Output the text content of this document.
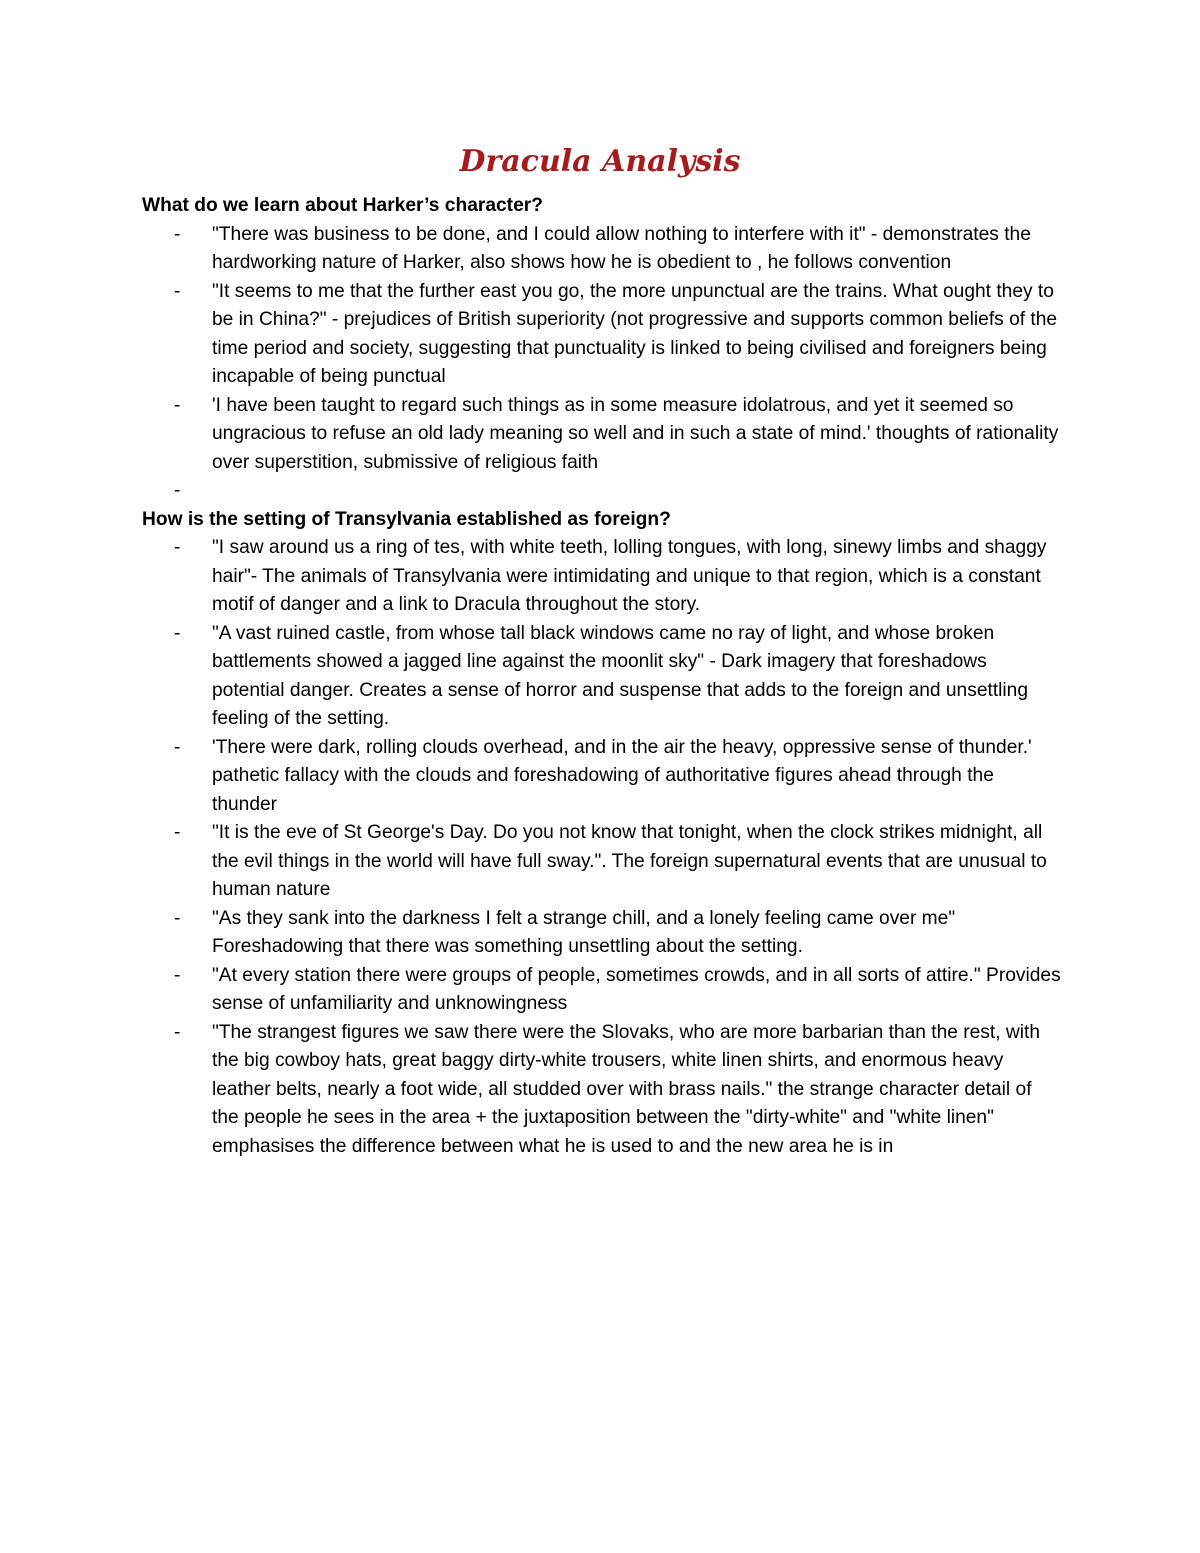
Dracula Analysis

What do we learn about Harker’s character?

- "There was business to be done, and I could allow nothing to interfere with it" - demonstrates the hardworking nature of Harker, also shows how he is obedient to , he follows convention
- "It seems to me that the further east you go, the more unpunctual are the trains. What ought they to be in China?" - prejudices of British superiority (not progressive and supports common beliefs of the time period and society, suggesting that punctuality is linked to being civilised and foreigners being incapable of being punctual
- 'I have been taught to regard such things as in some measure idolatrous, and yet it seemed so ungracious to refuse an old lady meaning so well and in such a state of mind.' thoughts of rationality over superstition, submissive of religious faith
-

How is the setting of Transylvania established as foreign?

- "I saw around us a ring of tes, with white teeth, lolling tongues, with long, sinewy limbs and shaggy hair"- The animals of Transylvania were intimidating and unique to that region, which is a constant motif of danger and a link to Dracula throughout the story.
- "A vast ruined castle, from whose tall black windows came no ray of light, and whose broken battlements showed a jagged line against the moonlit sky" - Dark imagery that foreshadows potential danger. Creates a sense of horror and suspense that adds to the foreign and unsettling feeling of the setting.
- 'There were dark, rolling clouds overhead, and in the air the heavy, oppressive sense of thunder.' pathetic fallacy with the clouds and foreshadowing of authoritative figures ahead through the thunder
- "It is the eve of St George's Day. Do you not know that tonight, when the clock strikes midnight, all the evil things in the world will have full sway.". The foreign supernatural events that are unusual to human nature
- "As they sank into the darkness I felt a strange chill, and a lonely feeling came over me" Foreshadowing that there was something unsettling about the setting.
- "At every station there were groups of people, sometimes crowds, and in all sorts of attire." Provides sense of unfamiliarity and unknowingness
- "The strangest figures we saw there were the Slovaks, who are more barbarian than the rest, with the big cowboy hats, great baggy dirty-white trousers, white linen shirts, and enormous heavy leather belts, nearly a foot wide, all studded over with brass nails." the strange character detail of the people he sees in the area + the juxtaposition between the "dirty-white" and "white linen" emphasises the difference between what he is used to and the new area he is in
